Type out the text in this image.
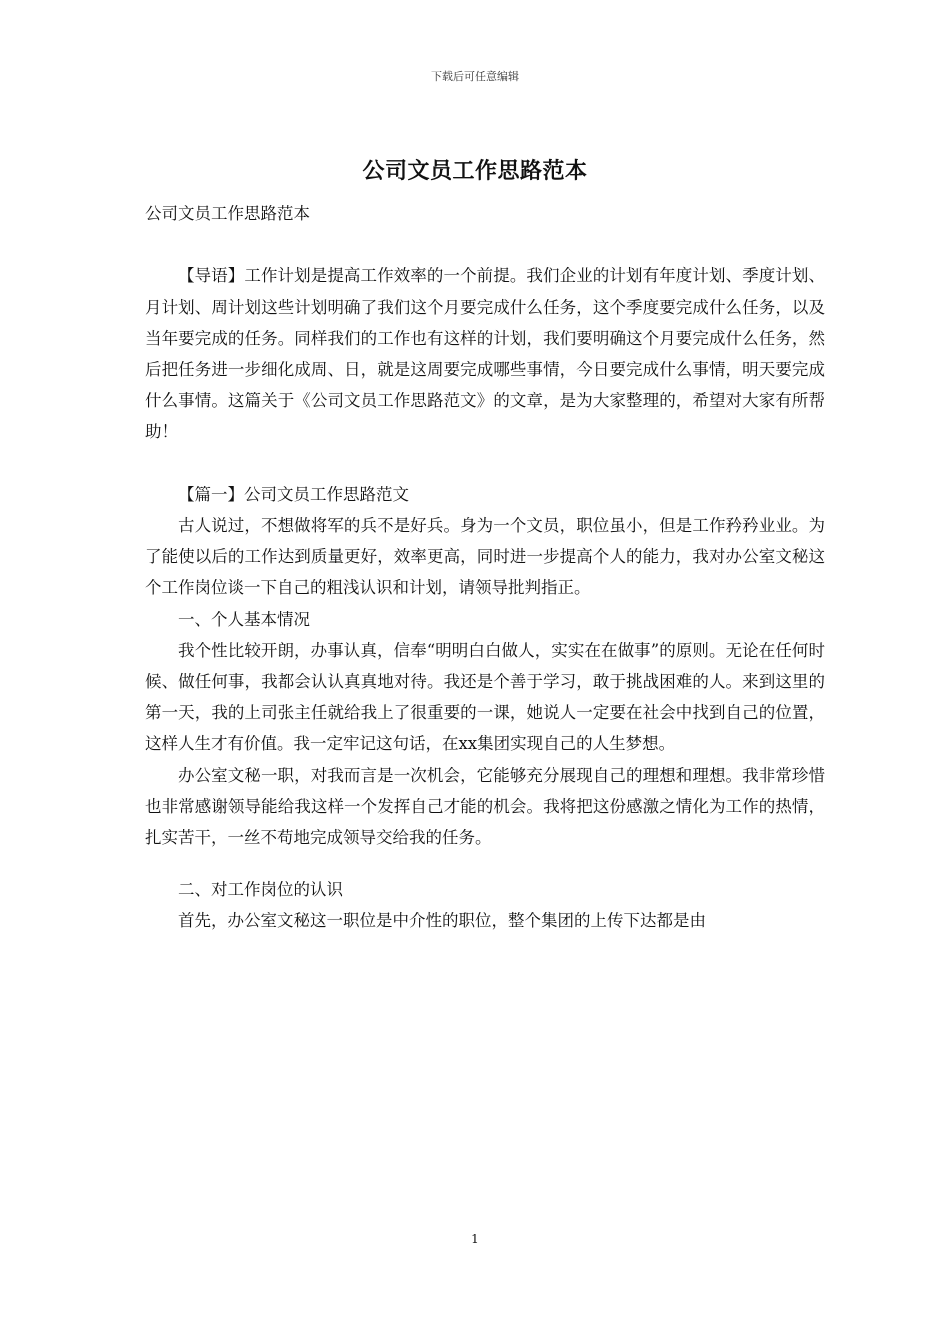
下载后可任意编辑
公司文员工作思路范本

公司文员工作思路范本

【导语】工作计划是提高工作效率的一个前提。我们企业的计划有年度计划、季度计划、月计划、周计划这些计划明确了我们这个月要完成什么任务，这个季度要完成什么任务，以及当年要完成的任务。同样我们的工作也有这样的计划，我们要明确这个月要完成什么任务，然后把任务进一步细化成周、日，就是这周要完成哪些事情，今日要完成什么事情，明天要完成什么事情。这篇关于《公司文员工作思路范文》的文章，是为大家整理的，希望对大家有所帮助！

【篇一】公司文员工作思路范文

古人说过，不想做将军的兵不是好兵。身为一个文员，职位虽小，但是工作矜矜业业。为了能使以后的工作达到质量更好，效率更高，同时进一步提高个人的能力，我对办公室文秘这个工作岗位谈一下自己的粗浅认识和计划，请领导批判指正。

一、个人基本情况

我个性比较开朗，办事认真，信奉“明明白白做人，实实在在做事”的原则。无论在任何时候、做任何事，我都会认认真真地对待。我还是个善于学习，敢于挑战困难的人。来到这里的第一天，我的上司张主任就给我上了很重要的一课，她说人一定要在社会中找到自己的位置，这样人生才有价值。我一定牢记这句话，在xx集团实现自己的人生梦想。

办公室文秘一职，对我而言是一次机会，它能够充分展现自己的理想和理想。我非常珍惜也非常感谢领导能给我这样一个发挥自己才能的机会。我将把这份感激之情化为工作的热情，扎实苦干，一丝不苟地完成领导交给我的任务。

二、对工作岗位的认识

首先，办公室文秘这一职位是中介性的职位，整个集团的上传下达都是由

1
